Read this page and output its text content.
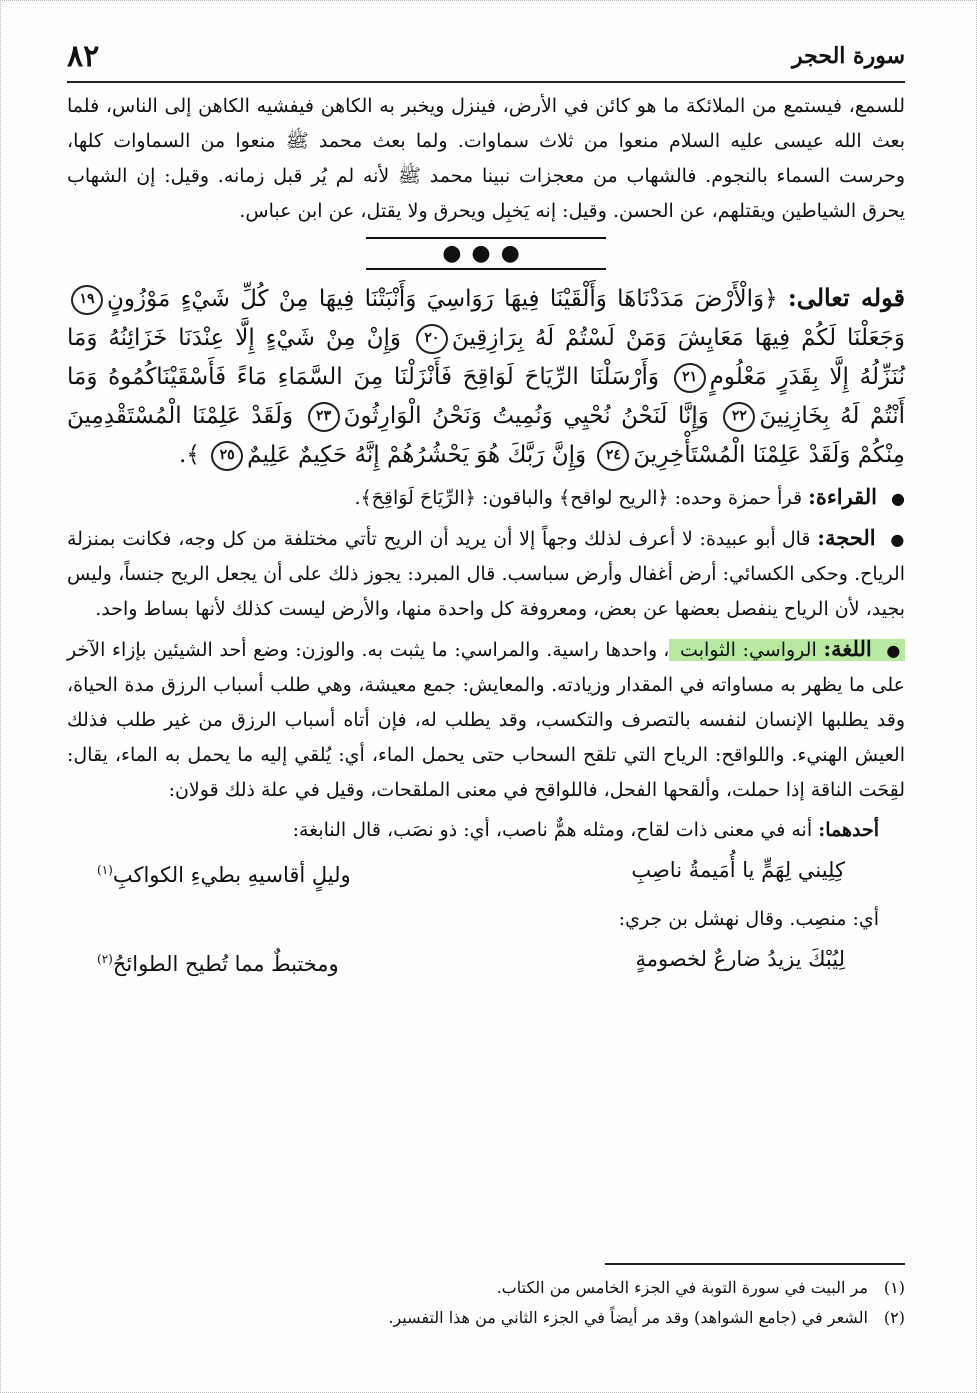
٨٢	سورة الحجر

للسمع، فيستمع من الملائكة ما هو كائن في الأرض، فينزل ويخبر به الكاهن فيفشيه الكاهن إلى الناس، فلما بعث الله عيسى عليه السلام منعوا من ثلاث سماوات. ولما بعث محمد ﷺ منعوا من السماوات كلها، وحرست السماء بالنجوم. فالشهاب من معجزات نبينا محمد ﷺ لأنه لم يُر قبل زمانه. وقيل: إن الشهاب يحرق الشياطين ويقتلهم، عن الحسن. وقيل: إنه يَخبِل ويحرق ولا يقتل، عن ابن عباس.

●●●

قوله تعالى: ﴿وَالْأَرْضَ مَدَدْنَاهَا وَأَلْقَيْنَا فِيهَا رَوَاسِيَ وَأَنْبَتْنَا فِيهَا مِنْ كُلِّ شَيْءٍ مَوْزُونٍ١٩ وَجَعَلْنَا لَكُمْ فِيهَا مَعَايِشَ وَمَنْ لَسْتُمْ لَهُ بِرَازِقِينَ٢٠ وَإِنْ مِنْ شَيْءٍ إِلَّا عِنْدَنَا خَزَائِنُهُ وَمَا نُنَزِّلُهُ إِلَّا بِقَدَرٍ مَعْلُومٍ٢١ وَأَرْسَلْنَا الرِّيَاحَ لَوَاقِحَ فَأَنْزَلْنَا مِنَ السَّمَاءِ مَاءً فَأَسْقَيْنَاكُمُوهُ وَمَا أَنْتُمْ لَهُ بِخَازِنِينَ٢٢ وَإِنَّا لَنَحْنُ نُحْيِي وَنُمِيتُ وَنَحْنُ الْوَارِثُونَ٢٣ وَلَقَدْ عَلِمْنَا الْمُسْتَقْدِمِينَ مِنْكُمْ وَلَقَدْ عَلِمْنَا الْمُسْتَأْخِرِينَ٢٤ وَإِنَّ رَبَّكَ هُوَ يَحْشُرُهُمْ إِنَّهُ حَكِيمٌ عَلِيمٌ٢٥ ﴾.

● القراءة: قرأ حمزة وحده: ﴿الريح لواقح﴾ والباقون: ﴿الرِّيَاحَ لَوَاقِحَ﴾.

● الحجة: قال أبو عبيدة: لا أعرف لذلك وجهاً إلا أن يريد أن الريح تأتي مختلفة من كل وجه، فكانت بمنزلة الرياح. وحكى الكسائي: أرض أغفال وأرض سباسب. قال المبرد: يجوز ذلك على أن يجعل الريح جنساً، وليس بجيد، لأن الرياح ينفصل بعضها عن بعض، ومعروفة كل واحدة منها، والأرض ليست كذلك لأنها بساط واحد.

● اللغة: الرواسي: الثوابت ، واحدها راسية. والمراسي: ما يثبت به. والوزن: وضع أحد الشيئين بإزاء الآخر على ما يظهر به مساواته في المقدار وزيادته. والمعايش: جمع معيشة، وهي طلب أسباب الرزق مدة الحياة، وقد يطلبها الإنسان لنفسه بالتصرف والتكسب، وقد يطلب له، فإن أتاه أسباب الرزق من غير طلب فذلك العيش الهنيء. واللواقح: الرياح التي تلقح السحاب حتى يحمل الماء، أي: يُلقي إليه ما يحمل به الماء، يقال: لقِحَت الناقة إذا حملت، وألقحها الفحل، فاللواقح في معنى الملقحات، وقيل في علة ذلك قولان:

أحدهما: أنه في معنى ذات لقاح، ومثله همٌّ ناصب، أي: ذو نصَب، قال النابغة:

كِلِيني لِهَمٍّ يا أُمَيمةُ ناصِبِ
وليلٍ أقاسيهِ بطيءِ الكواكبِ$^{(١)}$

أي: منصِب. وقال نهشل بن جري:

لِيُبْكَ يزيدُ ضارعٌ لخصومةٍ
ومختبطٌ مما تُطيح الطوائحُ$^{(٢)}$
(١)
مر البيت في سورة التوبة في الجزء الخامس من الكتاب.
(٢)
الشعر في (جامع الشواهد) وقد مر أيضاً في الجزء الثاني من هذا التفسير.
